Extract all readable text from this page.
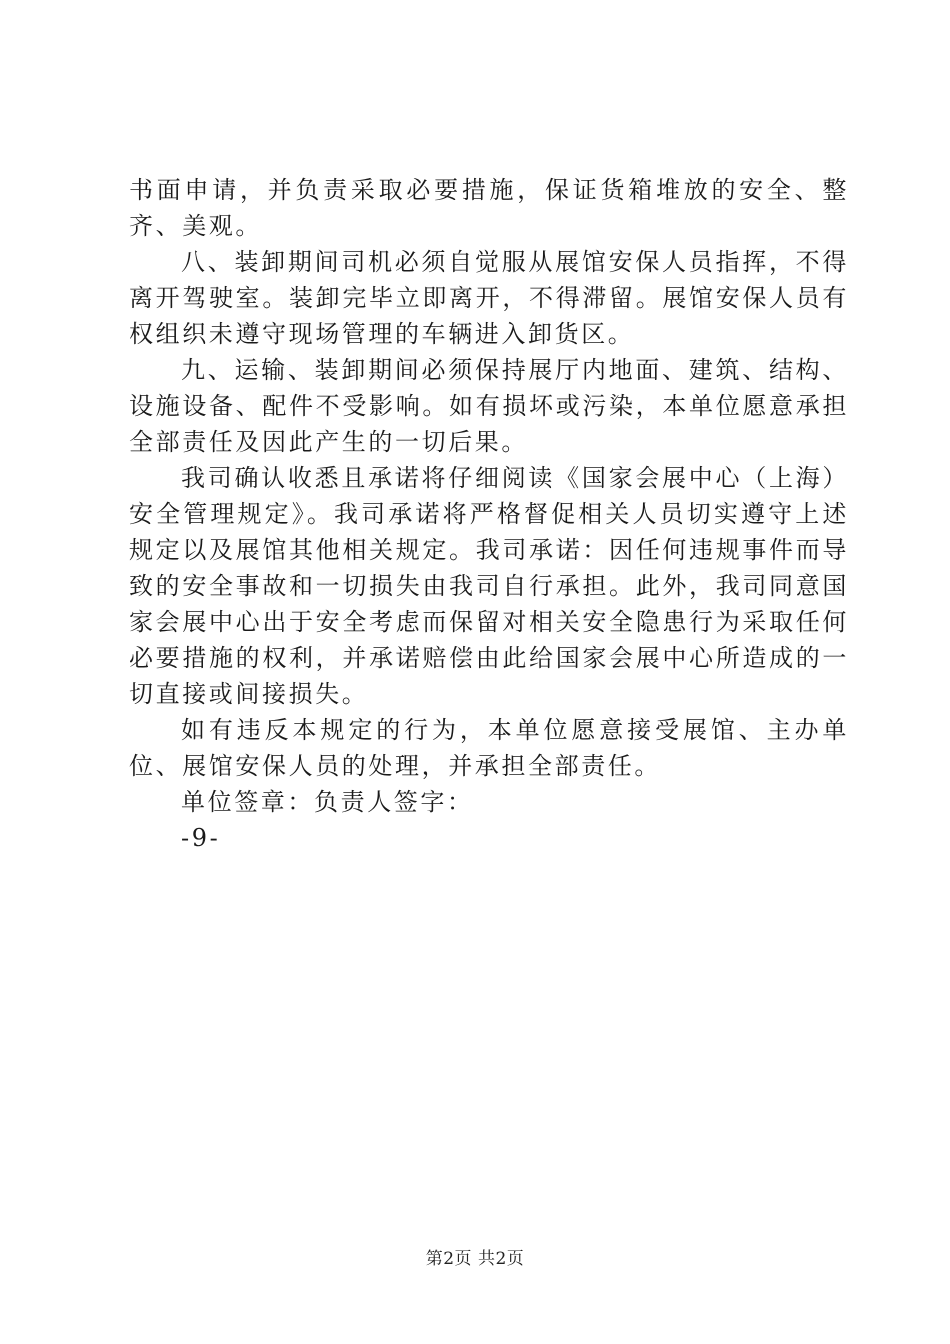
书面申请，并负责采取必要措施，保证货箱堆放的安全、整齐、美观。

八、装卸期间司机必须自觉服从展馆安保人员指挥，不得离开驾驶室。装卸完毕立即离开，不得滞留。展馆安保人员有权组织未遵守现场管理的车辆进入卸货区。

九、运输、装卸期间必须保持展厅内地面、建筑、结构、设施设备、配件不受影响。如有损坏或污染，本单位愿意承担全部责任及因此产生的一切后果。

我司确认收悉且承诺将仔细阅读《国家会展中心（上海）安全管理规定》。我司承诺将严格督促相关人员切实遵守上述规定以及展馆其他相关规定。我司承诺：因任何违规事件而导致的安全事故和一切损失由我司自行承担。此外，我司同意国家会展中心出于安全考虑而保留对相关安全隐患行为采取任何必要措施的权利，并承诺赔偿由此给国家会展中心所造成的一切直接或间接损失。

如有违反本规定的行为，本单位愿意接受展馆、主办单位、展馆安保人员的处理，并承担全部责任。

单位签章：负责人签字：

-9-

第2页 共2页
